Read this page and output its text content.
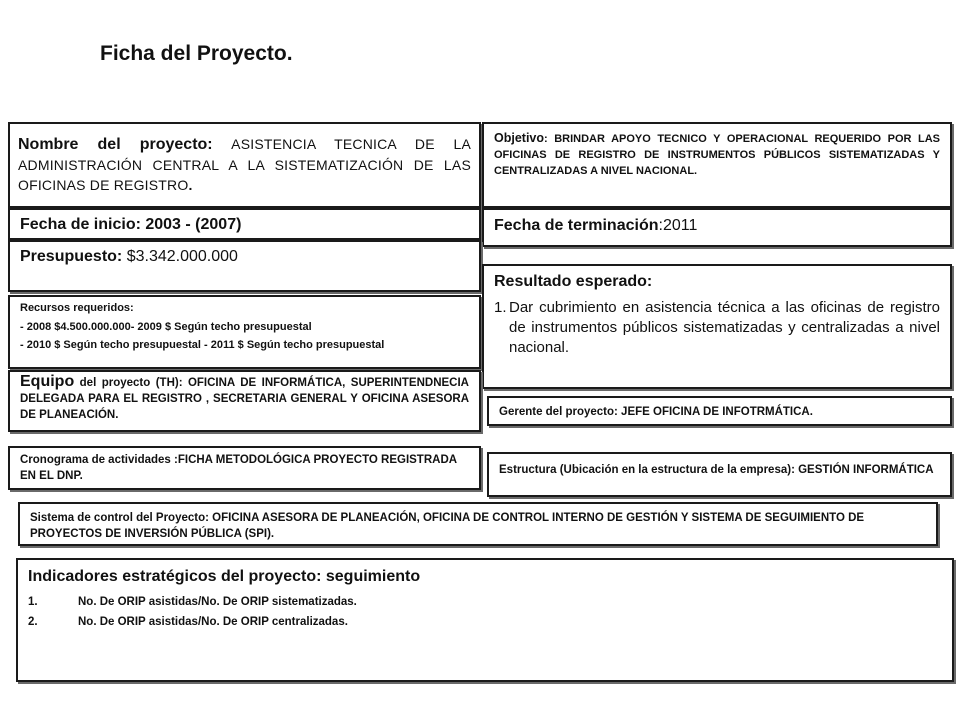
Ficha del Proyecto.
Nombre del proyecto: ASISTENCIA TECNICA DE LA ADMINISTRACIÓN CENTRAL A LA SISTEMATIZACIÓN DE LAS OFICINAS DE REGISTRO.
Objetivo: BRINDAR APOYO TECNICO Y OPERACIONAL REQUERIDO POR LAS OFICINAS DE REGISTRO DE INSTRUMENTOS PÚBLICOS SISTEMATIZADAS Y CENTRALIZADAS A NIVEL NACIONAL.
Fecha de inicio: 2003 - (2007)	Fecha de terminación:2011
Presupuesto: $3.342.000.000
Recursos requeridos:
- 2008 $4.500.000.000- 2009 $ Según techo presupuestal
- 2010 $ Según techo presupuestal - 2011 $ Según techo presupuestal
Resultado esperado:
1. Dar cubrimiento en asistencia técnica a las oficinas de registro de instrumentos públicos sistematizadas y centralizadas a nivel nacional.
Equipo del proyecto (TH): OFICINA DE INFORMÁTICA, SUPERINTENDNECIA DELEGADA PARA EL REGISTRO , SECRETARIA GENERAL Y OFICINA ASESORA DE PLANEACIÓN.	Gerente del proyecto: JEFE OFICINA DE INFOTRMÁTICA.
Cronograma de actividades :FICHA METODOLÓGICA PROYECTO REGISTRADA EN EL DNP.	Estructura (Ubicación en la estructura de la empresa): GESTIÓN INFORMÁTICA
Sistema de control del Proyecto: OFICINA ASESORA DE PLANEACIÓN, OFICINA DE CONTROL INTERNO DE GESTIÓN Y SISTEMA DE SEGUIMIENTO DE PROYECTOS DE INVERSIÓN PÚBLICA (SPI).
Indicadores estratégicos del proyecto: seguimiento
1.	No. De ORIP asistidas/No. De ORIP sistematizadas.
2.	No. De ORIP asistidas/No. De ORIP centralizadas.
